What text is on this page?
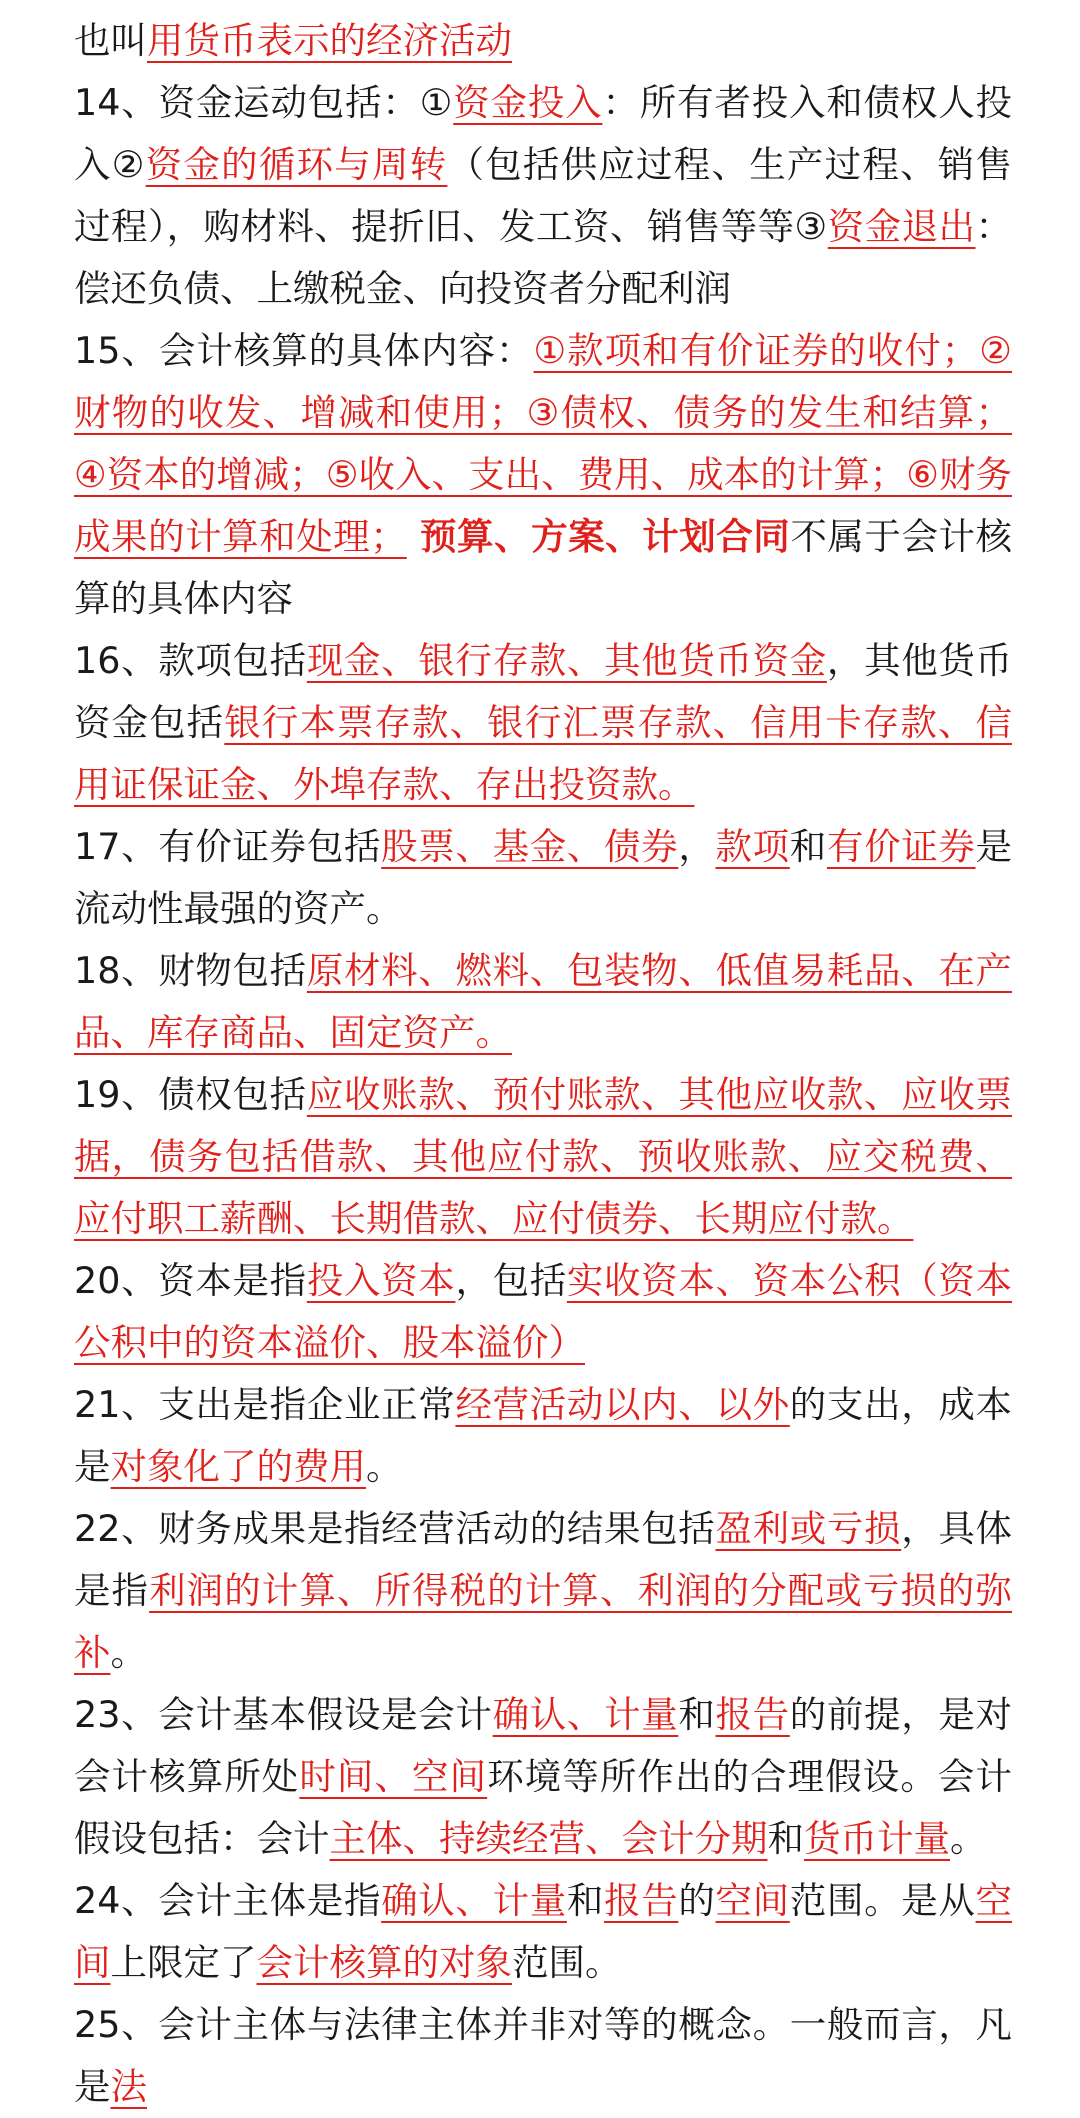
也叫用货币表示的经济活动

14、资金运动包括：①资金投入：所有者投入和债权人投入②资金的循环与周转（包括供应过程、生产过程、销售过程），购材料、提折旧、发工资、销售等等③资金退出：偿还负债、上缴税金、向投资者分配利润

15、会计核算的具体内容：①款项和有价证券的收付；②财物的收发、增减和使用；③债权、债务的发生和结算；④资本的增减；⑤收入、支出、费用、成本的计算；⑥财务成果的计算和处理； 预算、方案、计划合同不属于会计核算的具体内容

16、款项包括现金、银行存款、其他货币资金，其他货币资金包括银行本票存款、银行汇票存款、信用卡存款、信用证保证金、外埠存款、存出投资款。

17、有价证券包括股票、基金、债券，款项和有价证券是流动性最强的资产。

18、财物包括原材料、燃料、包装物、低值易耗品、在产品、库存商品、固定资产。

19、债权包括应收账款、预付账款、其他应收款、应收票据，债务包括借款、其他应付款、预收账款、应交税费、应付职工薪酬、长期借款、应付债券、长期应付款。

20、资本是指投入资本，包括实收资本、资本公积（资本公积中的资本溢价、股本溢价）

21、支出是指企业正常经营活动以内、以外的支出，成本是对象化了的费用。

22、财务成果是指经营活动的结果包括盈利或亏损，具体是指利润的计算、所得税的计算、利润的分配或亏损的弥补。

23、会计基本假设是会计确认、计量和报告的前提，是对会计核算所处时间、空间环境等所作出的合理假设。会计假设包括：会计主体、持续经营、会计分期和货币计量。

24、会计主体是指确认、计量和报告的空间范围。是从空间上限定了会计核算的对象范围。

25、会计主体与法律主体并非对等的概念。一般而言，凡是法
